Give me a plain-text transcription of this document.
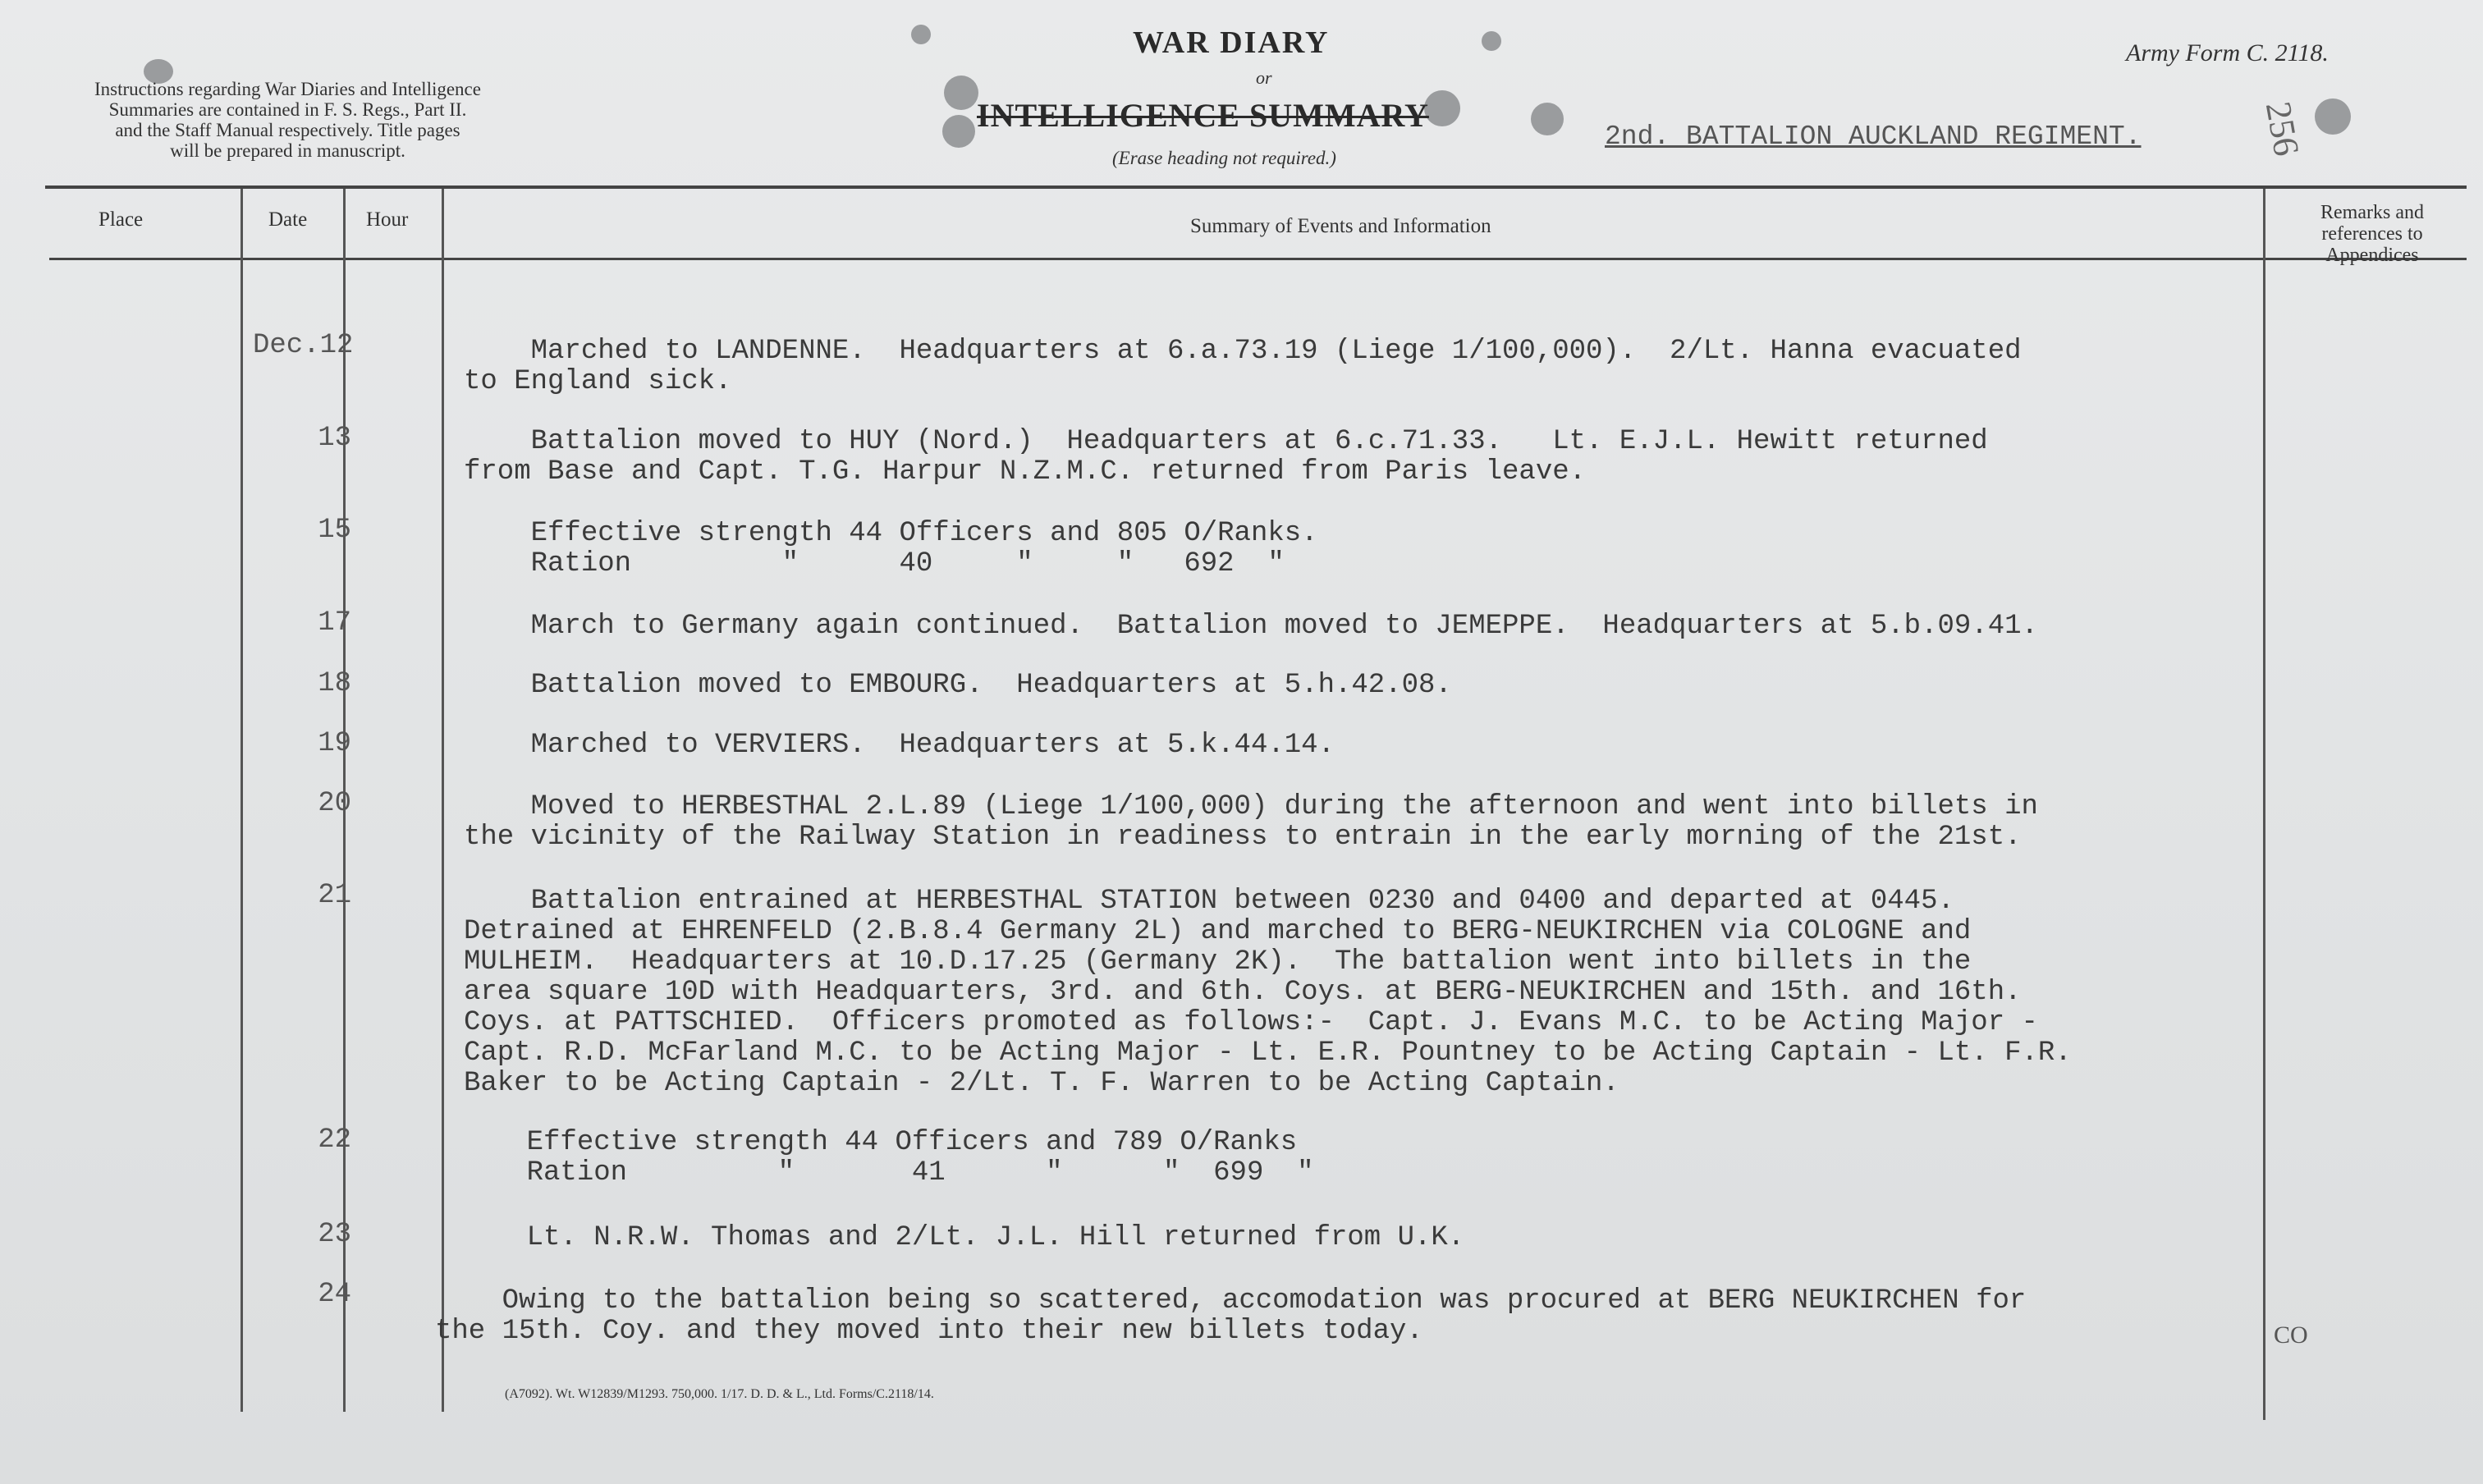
Instructions regarding War Diaries and Intelligence
Summaries are contained in F. S. Regs., Part II.
and the Staff Manual respectively. Title pages
will be prepared in manuscript.
WAR DIARY
or
INTELLIGENCE SUMMARY
(Erase heading not required.)
2nd. BATTALION AUCKLAND REGIMENT.
Army Form C. 2118.
256
Place	Date	Hour	Summary of Events and Information
Remarks and references to Appendices
Dec.12	Marched to LANDENNE.  Headquarters at 6.a.73.19 (Liege 1/100,000).  2/Lt. Hanna evacuated
to England sick.
13	Battalion moved to HUY (Nord.)  Headquarters at 6.c.71.33.   Lt. E.J.L. Hewitt returned
from Base and Capt. T.G. Harpur N.Z.M.C. returned from Paris leave.
15	Effective strength 44 Officers and 805 O/Ranks.
Ration         "      40     "     "   692  "
17	March to Germany again continued.  Battalion moved to JEMEPPE.  Headquarters at 5.b.09.41.
18	Battalion moved to EMBOURG.  Headquarters at 5.h.42.08.
19	Marched to VERVIERS.  Headquarters at 5.k.44.14.
20	Moved to HERBESTHAL 2.L.89 (Liege 1/100,000) during the afternoon and went into billets in
the vicinity of the Railway Station in readiness to entrain in the early morning of the 21st.
21	Battalion entrained at HERBESTHAL STATION between 0230 and 0400 and departed at 0445.
Detrained at EHRENFELD (2.B.8.4 Germany 2L) and marched to BERG-NEUKIRCHEN via COLOGNE and
MULHEIM.  Headquarters at 10.D.17.25 (Germany 2K).  The battalion went into billets in the
area square 10D with Headquarters, 3rd. and 6th. Coys. at BERG-NEUKIRCHEN and 15th. and 16th.
Coys. at PATTSCHIED.  Officers promoted as follows:-  Capt. J. Evans M.C. to be Acting Major -
Capt. R.D. McFarland M.C. to be Acting Major - Lt. E.R. Pountney to be Acting Captain - Lt. F.R.
Baker to be Acting Captain - 2/Lt. T. F. Warren to be Acting Captain.
22	Effective strength 44 Officers and 789 O/Ranks
Ration         "       41      "      "  699  "
23	Lt. N.R.W. Thomas and 2/Lt. J.L. Hill returned from U.K.
24	Owing to the battalion being so scattered, accomodation was procured at BERG NEUKIRCHEN for
the 15th. Coy. and they moved into their new billets today.	CO
(A7092). Wt. W12839/M1293. 750,000. 1/17. D. D. & L., Ltd. Forms/C.2118/14.
